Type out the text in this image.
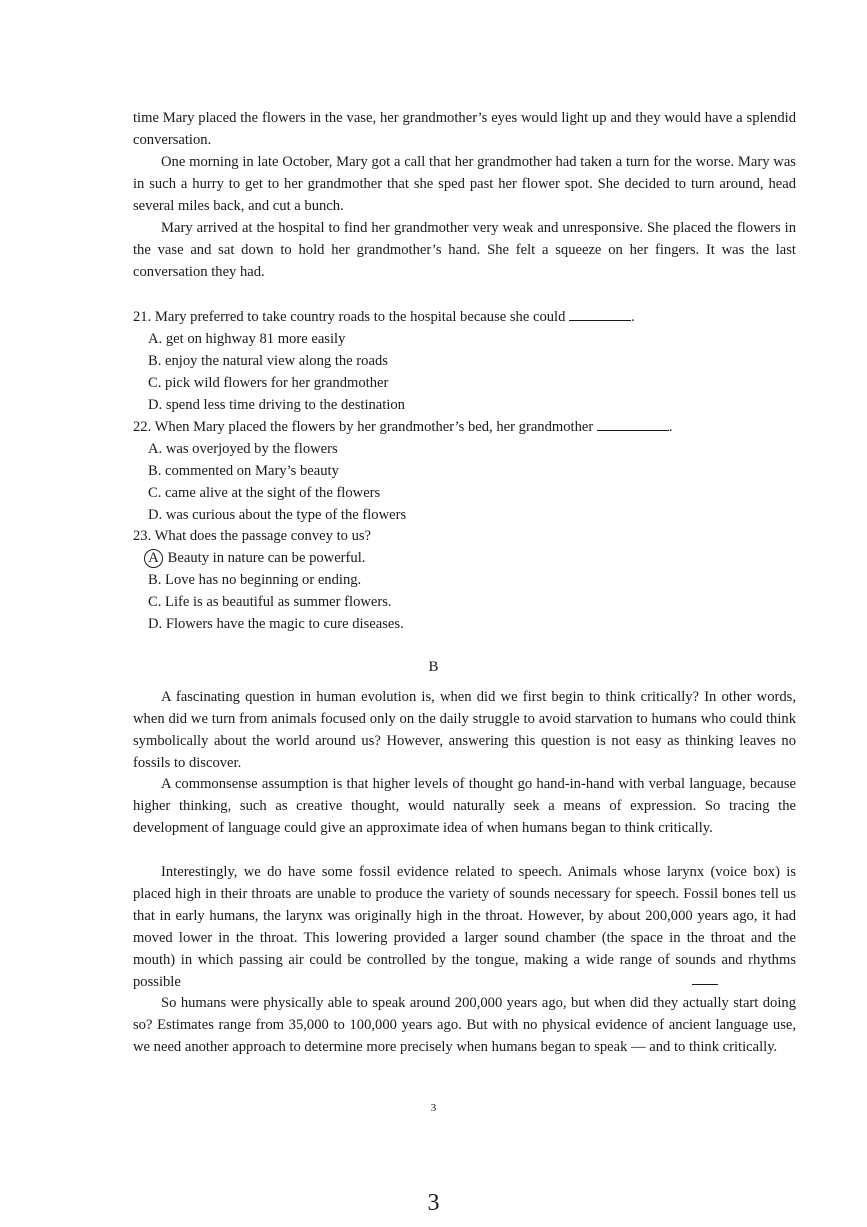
time Mary placed the flowers in the vase, her grandmother’s eyes would light up and they would have a splendid conversation.

One morning in late October, Mary got a call that her grandmother had taken a turn for the worse. Mary was in such a hurry to get to her grandmother that she sped past her flower spot. She decided to turn around, head several miles back, and cut a bunch.

Mary arrived at the hospital to find her grandmother very weak and unresponsive. She placed the flowers in the vase and sat down to hold her grandmother’s hand. She felt a squeeze on her fingers. It was the last conversation they had.

21. Mary preferred to take country roads to the hospital because she could	.

A. get on highway 81 more easily

B. enjoy the natural view along the roads

C. pick wild flowers for her grandmother

D. spend less time driving to the destination

22. When Mary placed the flowers by her grandmother’s bed, her grandmother	.

A. was overjoyed by the flowers

B. commented on Mary’s beauty

C. came alive at the sight of the flowers

D. was curious about the type of the flowers

23. What does the passage convey to us?

A Beauty in nature can be powerful.

B. Love has no beginning or ending.

C. Life is as beautiful as summer flowers.

D. Flowers have the magic to cure diseases.

B

A fascinating question in human evolution is, when did we first begin to think critically? In other words, when did we turn from animals focused only on the daily struggle to avoid starvation to humans who could think symbolically about the world around us? However, answering this question is not easy as thinking leaves no fossils to discover.

A commonsense assumption is that higher levels of thought go hand-in-hand with verbal language, because higher thinking, such as creative thought, would naturally seek a means of expression. So tracing the development of language could give an approximate idea of when humans began to think critically.

Interestingly, we do have some fossil evidence related to speech. Animals whose larynx (voice box) is placed high in their throats are unable to produce the variety of sounds necessary for speech. Fossil bones tell us that in early humans, the larynx was originally high in the throat. However, by about 200,000 years ago, it had moved lower in the throat. This lowering provided a larger sound chamber (the space in the throat and the mouth) in which passing air could be controlled by the tongue, making a wide range of sounds and rhythms possible

So humans were physically able to speak around 200,000 years ago, but when did they actually start doing so? Estimates range from 35,000 to 100,000 years ago. But with no physical evidence of ancient language use, we need another approach to determine more precisely when humans began to speak — and to think critically.

3

3
